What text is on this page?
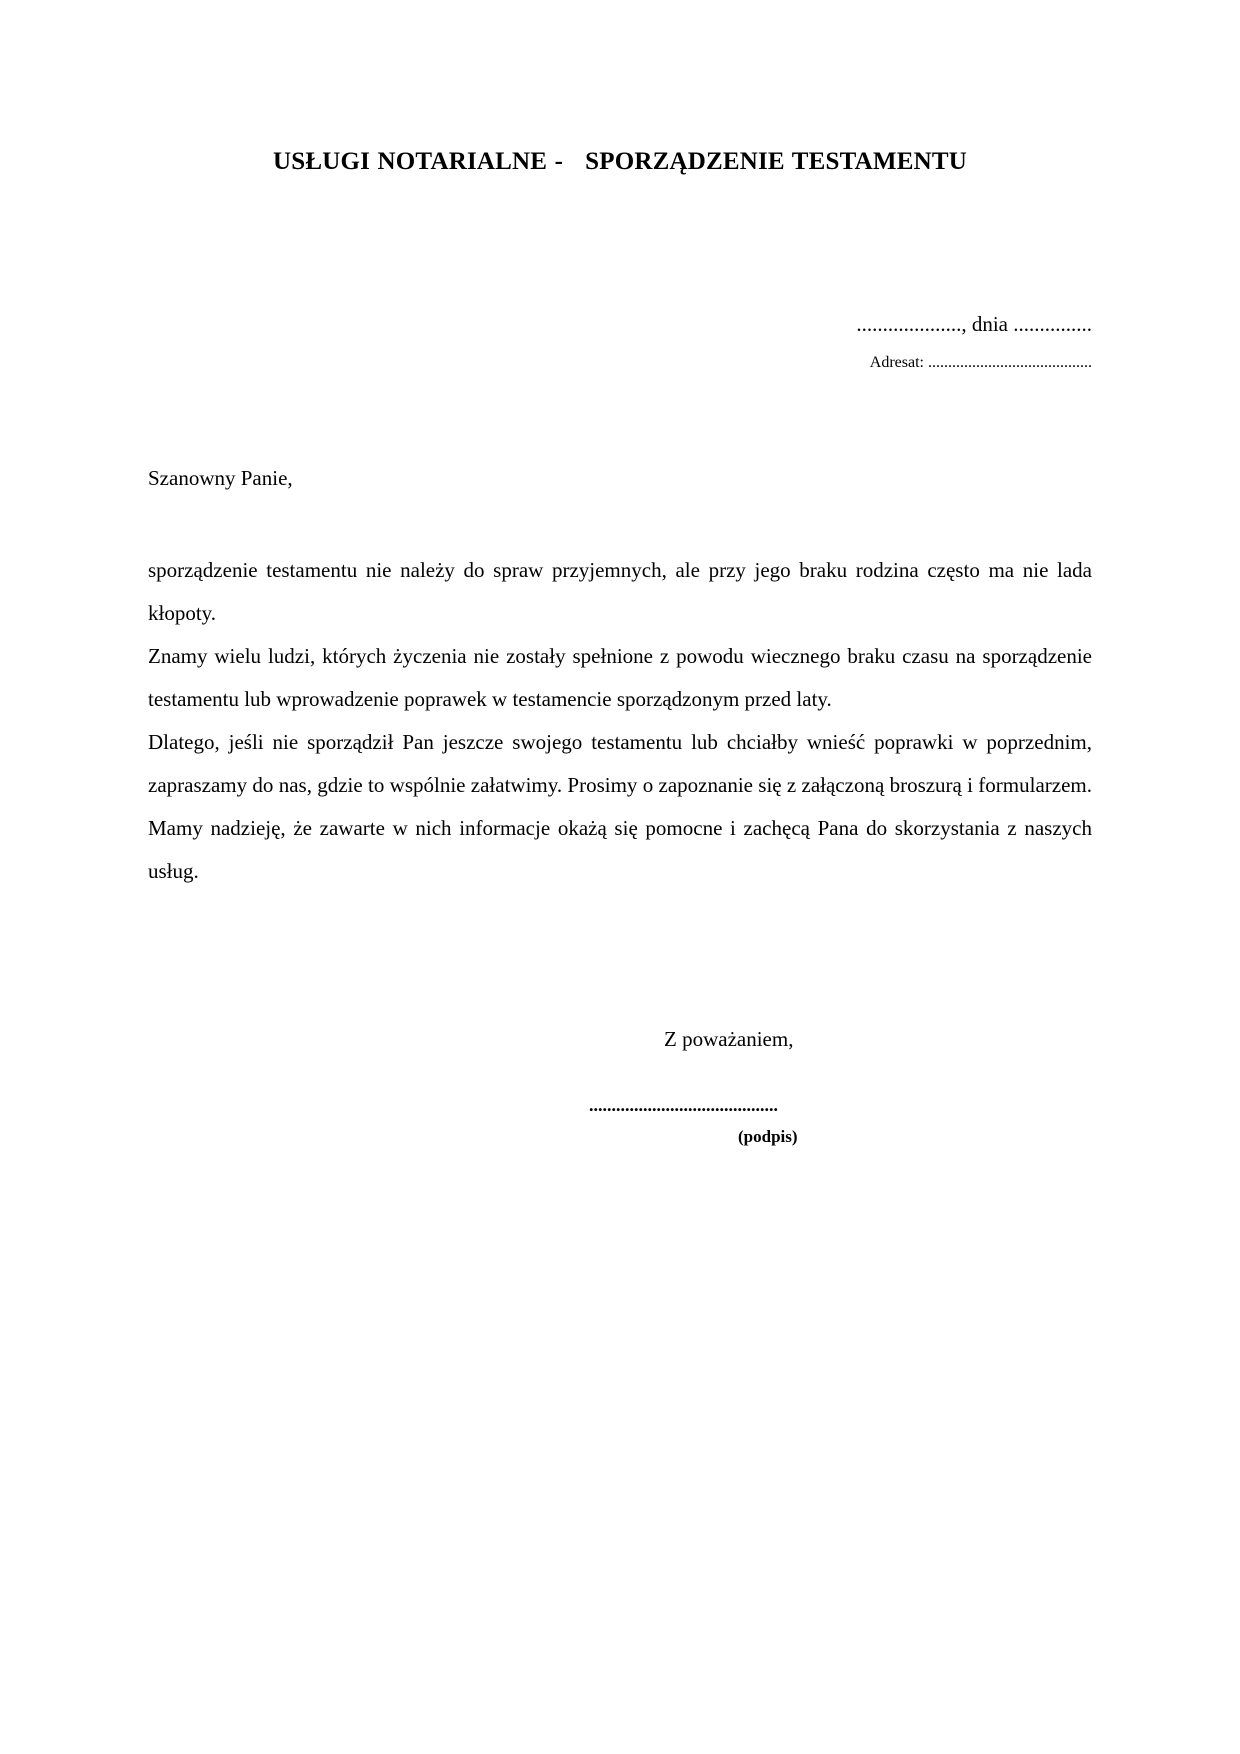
USŁUGI NOTARIALNE - SPORZĄDZENIE TESTAMENTU
...................., dnia ...............
Adresat: .........................................
Szanowny Panie,

sporządzenie testamentu nie należy do spraw przyjemnych, ale przy jego braku rodzina często ma nie lada kłopoty.

Znamy wielu ludzi, których życzenia nie zostały spełnione z powodu wiecznego braku czasu na sporządzenie testamentu lub wprowadzenie poprawek w testamencie sporządzonym przed laty.

Dlatego, jeśli nie sporządził Pan jeszcze swojego testamentu lub chciałby wnieść poprawki w poprzednim, zapraszamy do nas, gdzie to wspólnie załatwimy. Prosimy o zapoznanie się z załączoną broszurą i formularzem. Mamy nadzieję, że zawarte w nich informacje okażą się pomocne i zachęcą Pana do skorzystania z naszych usług.

Z poważaniem,
..........................................
(podpis)
